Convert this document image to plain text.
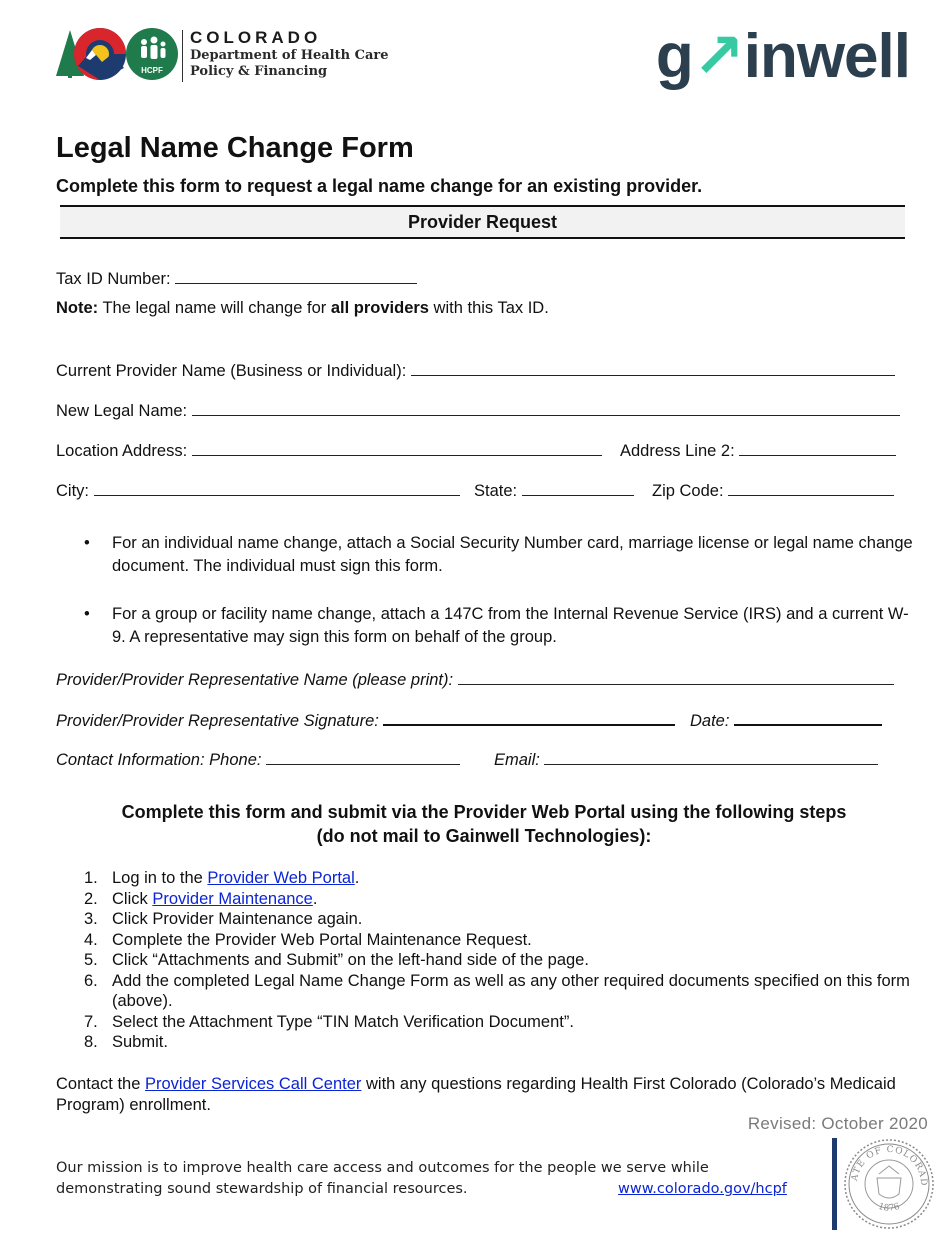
HCPF
COLORADO
Department of Health Care
Policy & Financing	g↗inwell
Legal Name Change Form
Complete this form to request a legal name change for an existing provider.
Provider Request
Tax ID Number:
Note: The legal name will change for all providers with this Tax ID.
Current Provider Name (Business or Individual):
New Legal Name:
Location Address:	Address Line 2:
City:	State:	Zip Code:
• For an individual name change, attach a Social Security Number card, marriage license or legal name change document. The individual must sign this form.
• For a group or facility name change, attach a 147C from the Internal Revenue Service (IRS) and a current W-9. A representative may sign this form on behalf of the group.
Provider/Provider Representative Name (please print):
Provider/Provider Representative Signature:	Date:
Contact Information: Phone:	Email:
Complete this form and submit via the Provider Web Portal using the following steps
(do not mail to Gainwell Technologies):
1. Log in to the Provider Web Portal.
2. Click Provider Maintenance.
3. Click Provider Maintenance again.
4. Complete the Provider Web Portal Maintenance Request.
5. Click “Attachments and Submit” on the left-hand side of the page.
6. Add the completed Legal Name Change Form as well as any other required documents specified on this form (above).
7. Select the Attachment Type “TIN Match Verification Document”.
8. Submit.
Contact the Provider Services Call Center with any questions regarding Health First Colorado (Colorado’s Medicaid Program) enrollment.
Revised: October 2020
Our mission is to improve health care access and outcomes for the people we serve while demonstrating sound stewardship of financial resources.	www.colorado.gov/hcpf
ATE OF COLORAD
1876
